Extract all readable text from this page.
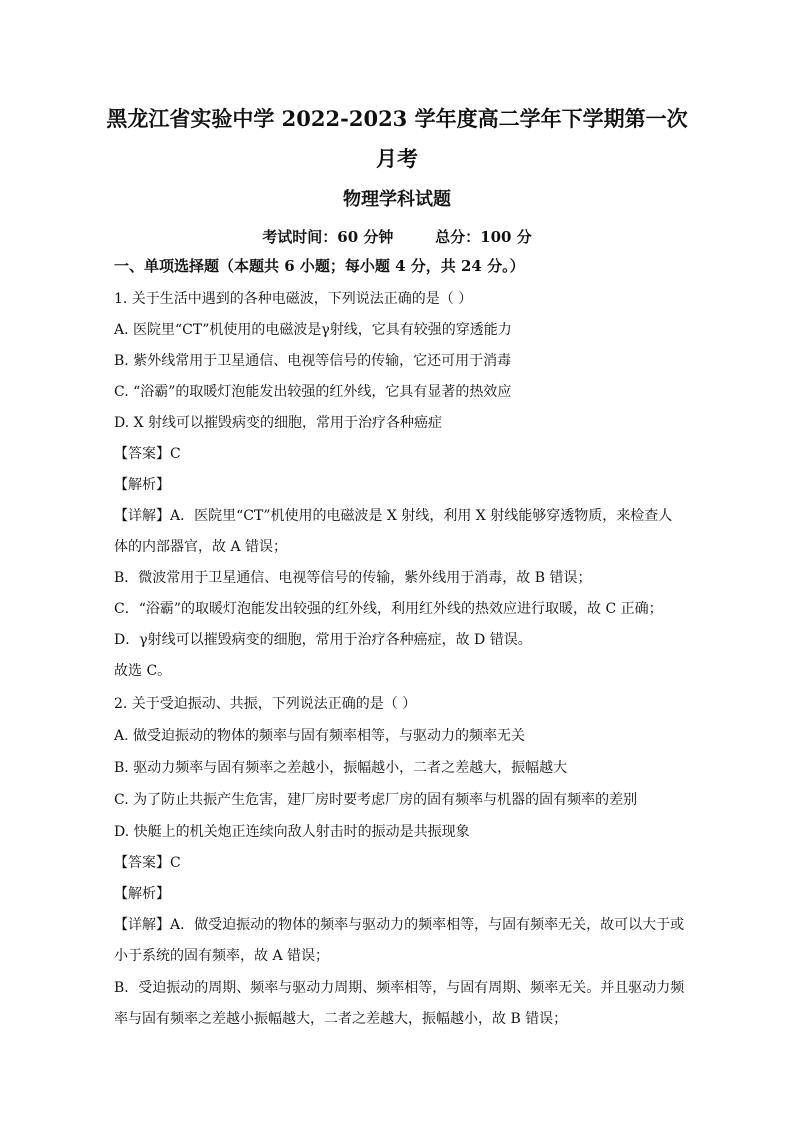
黑龙江省实验中学 2022-2023 学年度高二学年下学期第一次
月考
物理学科试题
考试时间：60 分钟        总分：100 分
一、单项选择题（本题共 6 小题；每小题 4 分，共 24 分。）
1. 关于生活中遇到的各种电磁波，下列说法正确的是（ ）
A. 医院里“CT”机使用的电磁波是γ射线，它具有较强的穿透能力
B. 紫外线常用于卫星通信、电视等信号的传输，它还可用于消毒
C. “浴霸”的取暖灯泡能发出较强的红外线，它具有显著的热效应
D. X 射线可以摧毁病变的细胞，常用于治疗各种癌症
【答案】C
【解析】
【详解】A．医院里“CT”机使用的电磁波是 X 射线，利用 X 射线能够穿透物质，来检查人
体的内部器官，故 A 错误；
B．微波常用于卫星通信、电视等信号的传输，紫外线用于消毒，故 B 错误；
C．“浴霸”的取暖灯泡能发出较强的红外线，利用红外线的热效应进行取暖，故 C 正确；
D．γ射线可以摧毁病变的细胞，常用于治疗各种癌症，故 D 错误。
故选 C。
2. 关于受迫振动、共振，下列说法正确的是（ ）
A. 做受迫振动的物体的频率与固有频率相等，与驱动力的频率无关
B. 驱动力频率与固有频率之差越小，振幅越小，二者之差越大，振幅越大
C. 为了防止共振产生危害，建厂房时要考虑厂房的固有频率与机器的固有频率的差别
D. 快艇上的机关炮正连续向敌人射击时的振动是共振现象
【答案】C
【解析】
【详解】A．做受迫振动的物体的频率与驱动力的频率相等，与固有频率无关，故可以大于或
小于系统的固有频率，故 A 错误；
B．受迫振动的周期、频率与驱动力周期、频率相等，与固有周期、频率无关。并且驱动力频
率与固有频率之差越小振幅越大，二者之差越大，振幅越小，故 B 错误；
